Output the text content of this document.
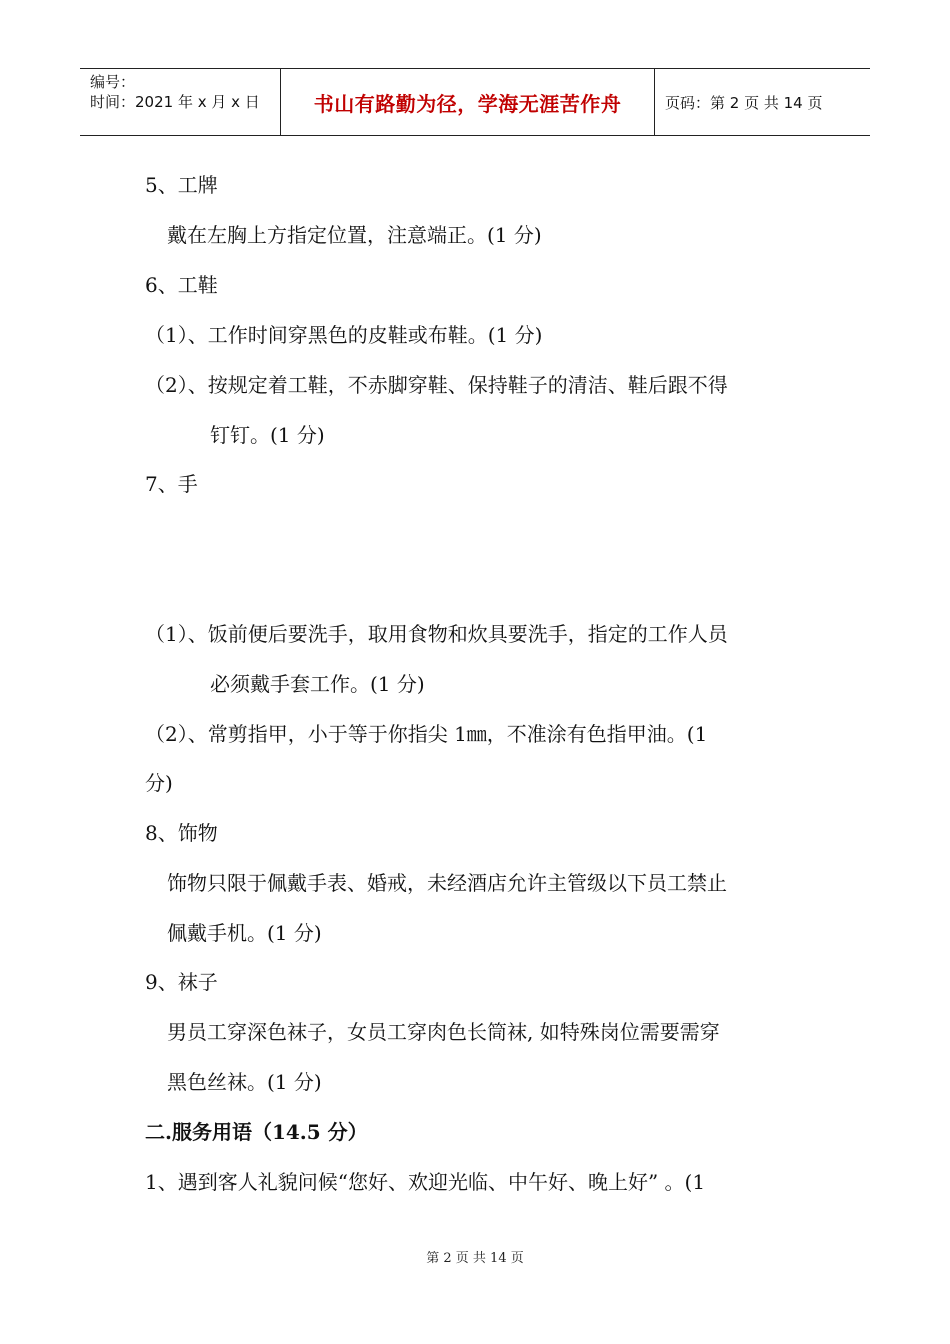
编号：
时间：2021 年 x 月 x 日	书山有路勤为径，学海无涯苦作舟	页码：第 2 页 共 14 页
5、工牌
戴在左胸上方指定位置，注意端正。(1 分)
6、工鞋
（1）、工作时间穿黑色的皮鞋或布鞋。(1 分)
（2）、按规定着工鞋，不赤脚穿鞋、保持鞋子的清洁、鞋后跟不得
钉钉。(1 分)
7、手
（1）、饭前便后要洗手，取用食物和炊具要洗手，指定的工作人员
必须戴手套工作。(1 分)
（2）、常剪指甲，小于等于你指尖 1㎜，不准涂有色指甲油。(1
分)
8、饰物
饰物只限于佩戴手表、婚戒，未经酒店允许主管级以下员工禁止
佩戴手机。(1 分)
9、袜子
男员工穿深色袜子，女员工穿肉色长筒袜, 如特殊岗位需要需穿
黑色丝袜。(1 分)
二.服务用语（14.5 分）
1、遇到客人礼貌问候“您好、欢迎光临、中午好、晚上好” 。(1
第 2 页 共 14 页
